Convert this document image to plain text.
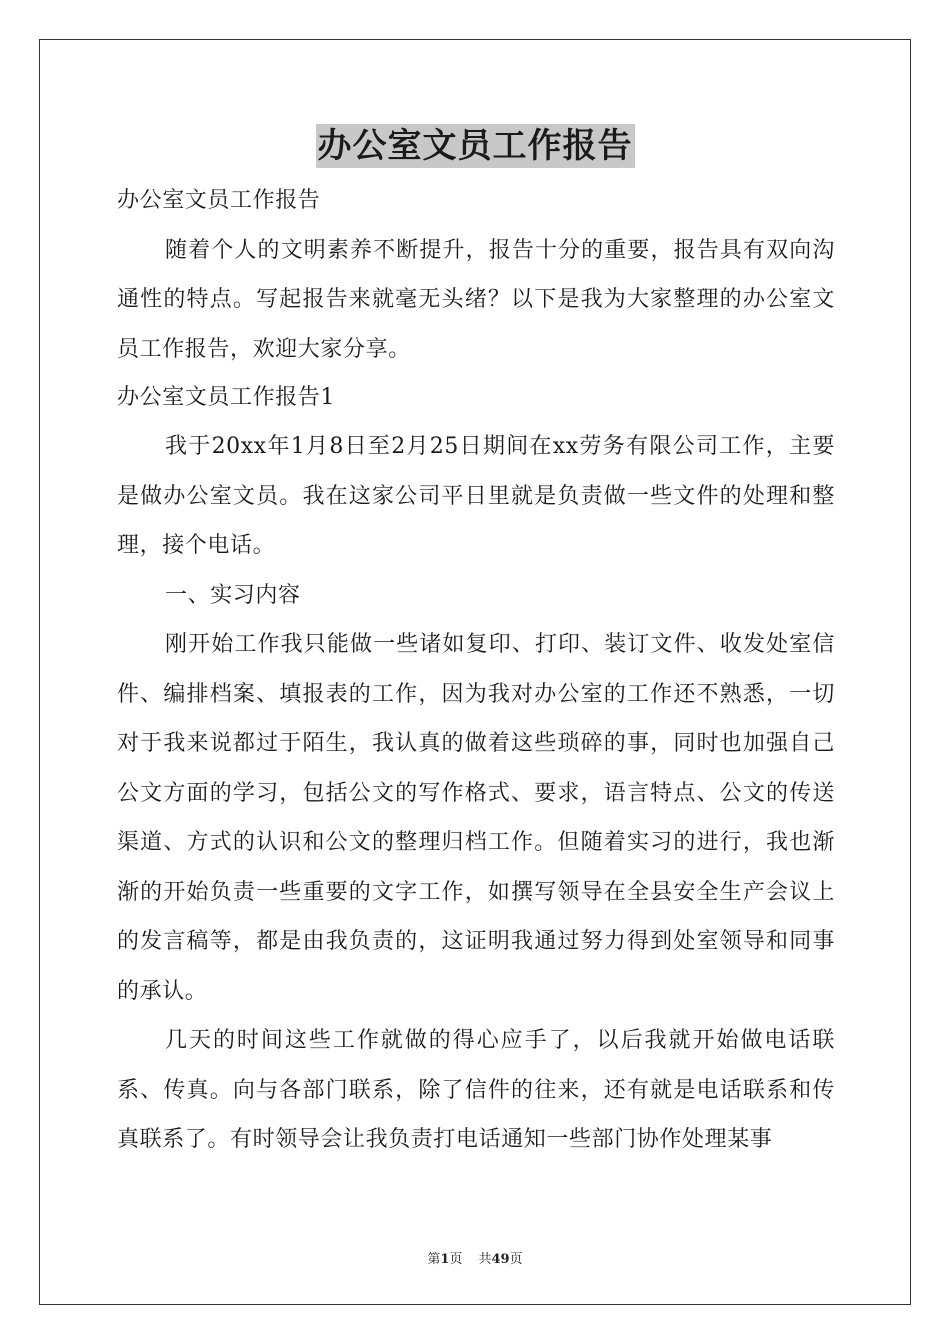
办公室文员工作报告

办公室文员工作报告

随着个人的文明素养不断提升，报告十分的重要，报告具有双向沟通性的特点。写起报告来就毫无头绪？以下是我为大家整理的办公室文员工作报告，欢迎大家分享。

办公室文员工作报告1

我于20xx年1月8日至2月25日期间在xx劳务有限公司工作，主要是做办公室文员。我在这家公司平日里就是负责做一些文件的处理和整理，接个电话。

一、实习内容

刚开始工作我只能做一些诸如复印、打印、装订文件、收发处室信件、编排档案、填报表的工作，因为我对办公室的工作还不熟悉，一切对于我来说都过于陌生，我认真的做着这些琐碎的事，同时也加强自己公文方面的学习，包括公文的写作格式、要求，语言特点、公文的传送渠道、方式的认识和公文的整理归档工作。但随着实习的进行，我也渐渐的开始负责一些重要的文字工作，如撰写领导在全县安全生产会议上的发言稿等，都是由我负责的，这证明我通过努力得到处室领导和同事的承认。

几天的时间这些工作就做的得心应手了，以后我就开始做电话联系、传真。向与各部门联系，除了信件的往来，还有就是电话联系和传真联系了。有时领导会让我负责打电话通知一些部门协作处理某事

第1页 共49页
